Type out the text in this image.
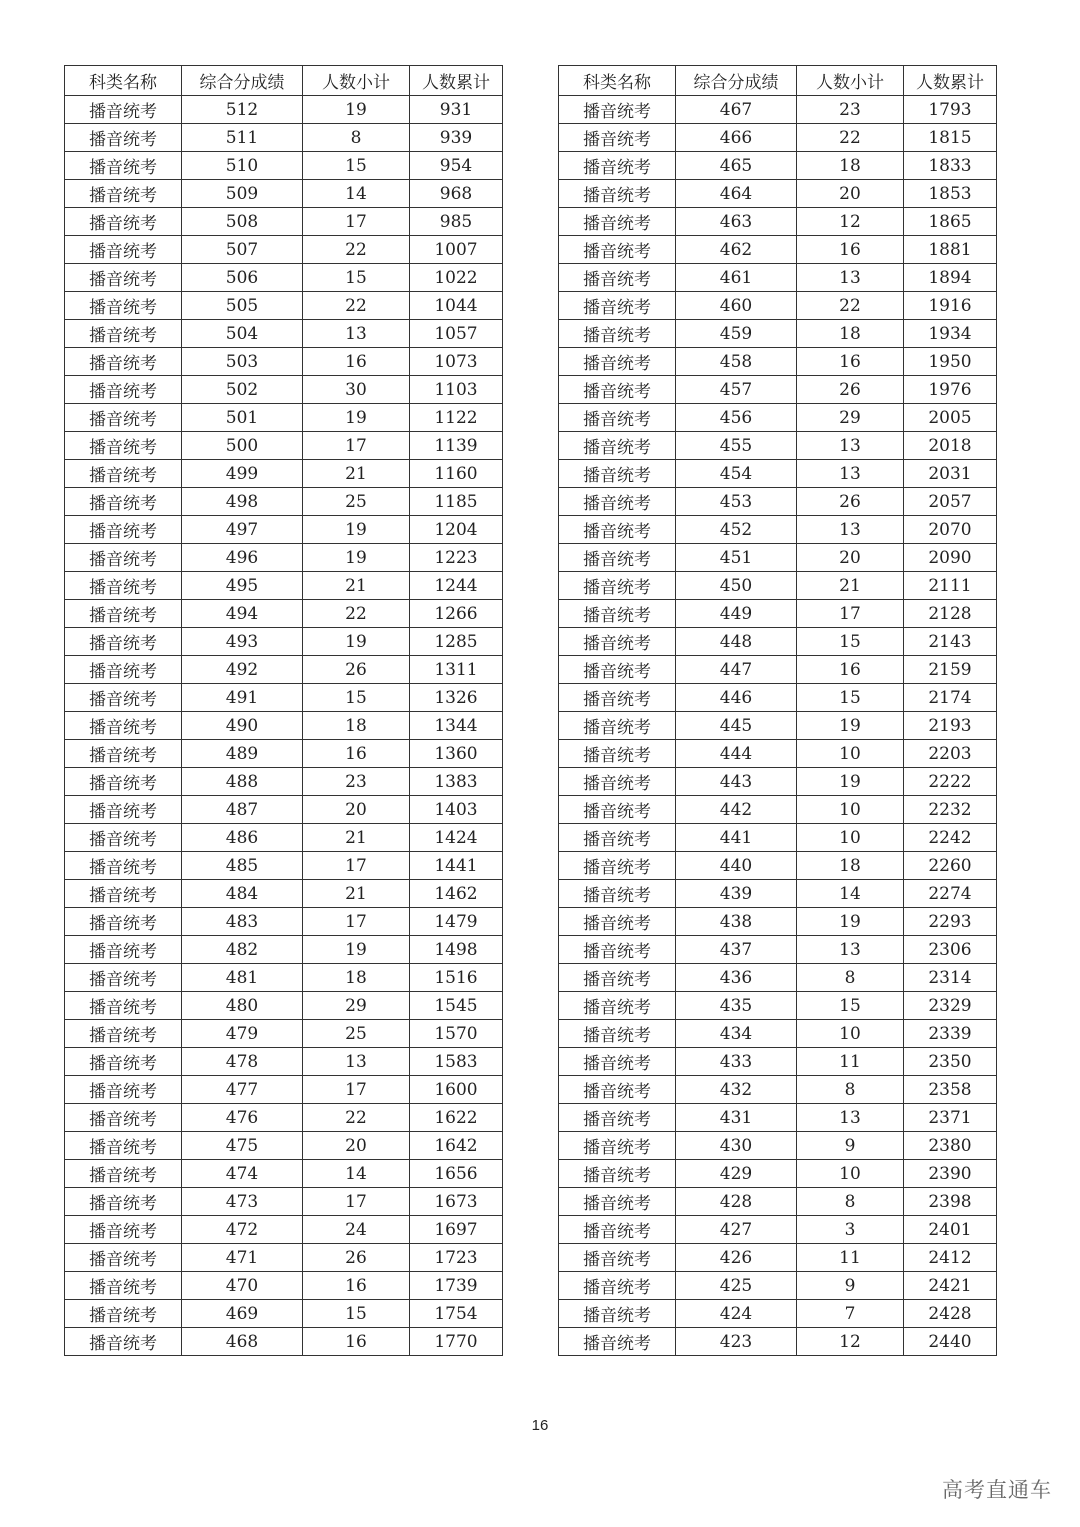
科类名称	综合分成绩	人数小计	人数累计
播音统考	512	19	931
播音统考	511	8	939
播音统考	510	15	954
播音统考	509	14	968
播音统考	508	17	985
播音统考	507	22	1007
播音统考	506	15	1022
播音统考	505	22	1044
播音统考	504	13	1057
播音统考	503	16	1073
播音统考	502	30	1103
播音统考	501	19	1122
播音统考	500	17	1139
播音统考	499	21	1160
播音统考	498	25	1185
播音统考	497	19	1204
播音统考	496	19	1223
播音统考	495	21	1244
播音统考	494	22	1266
播音统考	493	19	1285
播音统考	492	26	1311
播音统考	491	15	1326
播音统考	490	18	1344
播音统考	489	16	1360
播音统考	488	23	1383
播音统考	487	20	1403
播音统考	486	21	1424
播音统考	485	17	1441
播音统考	484	21	1462
播音统考	483	17	1479
播音统考	482	19	1498
播音统考	481	18	1516
播音统考	480	29	1545
播音统考	479	25	1570
播音统考	478	13	1583
播音统考	477	17	1600
播音统考	476	22	1622
播音统考	475	20	1642
播音统考	474	14	1656
播音统考	473	17	1673
播音统考	472	24	1697
播音统考	471	26	1723
播音统考	470	16	1739
播音统考	469	15	1754
播音统考	468	16	1770
科类名称	综合分成绩	人数小计	人数累计
播音统考	467	23	1793
播音统考	466	22	1815
播音统考	465	18	1833
播音统考	464	20	1853
播音统考	463	12	1865
播音统考	462	16	1881
播音统考	461	13	1894
播音统考	460	22	1916
播音统考	459	18	1934
播音统考	458	16	1950
播音统考	457	26	1976
播音统考	456	29	2005
播音统考	455	13	2018
播音统考	454	13	2031
播音统考	453	26	2057
播音统考	452	13	2070
播音统考	451	20	2090
播音统考	450	21	2111
播音统考	449	17	2128
播音统考	448	15	2143
播音统考	447	16	2159
播音统考	446	15	2174
播音统考	445	19	2193
播音统考	444	10	2203
播音统考	443	19	2222
播音统考	442	10	2232
播音统考	441	10	2242
播音统考	440	18	2260
播音统考	439	14	2274
播音统考	438	19	2293
播音统考	437	13	2306
播音统考	436	8	2314
播音统考	435	15	2329
播音统考	434	10	2339
播音统考	433	11	2350
播音统考	432	8	2358
播音统考	431	13	2371
播音统考	430	9	2380
播音统考	429	10	2390
播音统考	428	8	2398
播音统考	427	3	2401
播音统考	426	11	2412
播音统考	425	9	2421
播音统考	424	7	2428
播音统考	423	12	2440
16
高考直通车
